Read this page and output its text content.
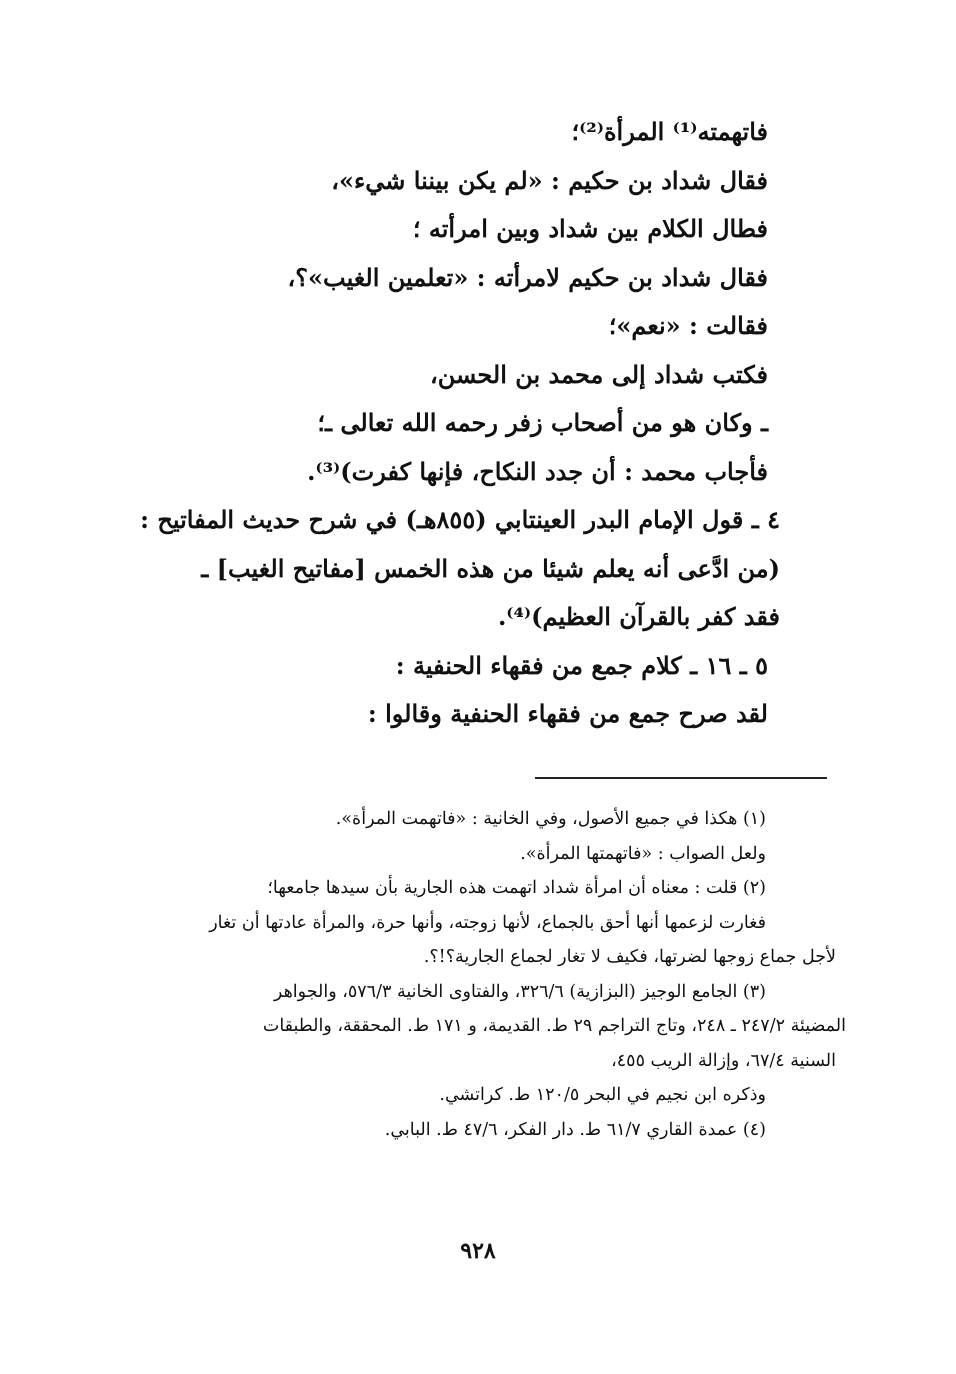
فاتهمته⁽¹⁾ المرأة⁽²⁾؛
فقال شداد بن حكيم : «لم يكن بيننا شيء»،
فطال الكلام بين شداد وبين امرأته ؛
فقال شداد بن حكيم لامرأته : «تعلمين الغيب»؟،
فقالت : «نعم»؛
فكتب شداد إلى محمد بن الحسن،
ـ وكان هو من أصحاب زفر رحمه الله تعالى ـ؛
فأجاب محمد : أن جدد النكاح، فإنها كفرت)⁽³⁾.
٤ ـ قول الإمام البدر العينتابي (٨٥٥هـ) في شرح حديث المفاتيح :
(من ادَّعى أنه يعلم شيئا من هذه الخمس [مفاتيح الغيب] ـ
فقد كفر بالقرآن العظيم)⁽⁴⁾.
٥ ـ ١٦ ـ كلام جمع من فقهاء الحنفية :
لقد صرح جمع من فقهاء الحنفية وقالوا :
(١) هكذا في جميع الأصول، وفي الخانية : «فاتهمت المرأة».
ولعل الصواب : «فاتهمتها المرأة».
(٢) قلت : معناه أن امرأة شداد اتهمت هذه الجارية بأن سيدها جامعها؛
فغارت لزعمها أنها أحق بالجماع، لأنها زوجته، وأنها حرة، والمرأة عادتها أن تغار
لأجل جماع زوجها لضرتها، فكيف لا تغار لجماع الجارية؟!؟.
(٣) الجامع الوجيز (البزازية) ٣٢٦/٦، والفتاوى الخانية ٥٧٦/٣، والجواهر
المضيئة ٢٤٧/٢ ـ ٢٤٨، وتاج التراجم ٢٩ ط. القديمة، و ١٧١ ط. المحققة، والطبقات
السنية ٦٧/٤، وإزالة الريب ٤٥٥،
وذكره ابن نجيم في البحر ١٢٠/٥ ط. كراتشي.
(٤) عمدة القاري ٦١/٧ ط. دار الفكر، ٤٧/٦ ط. البابي.
٩٢٨
